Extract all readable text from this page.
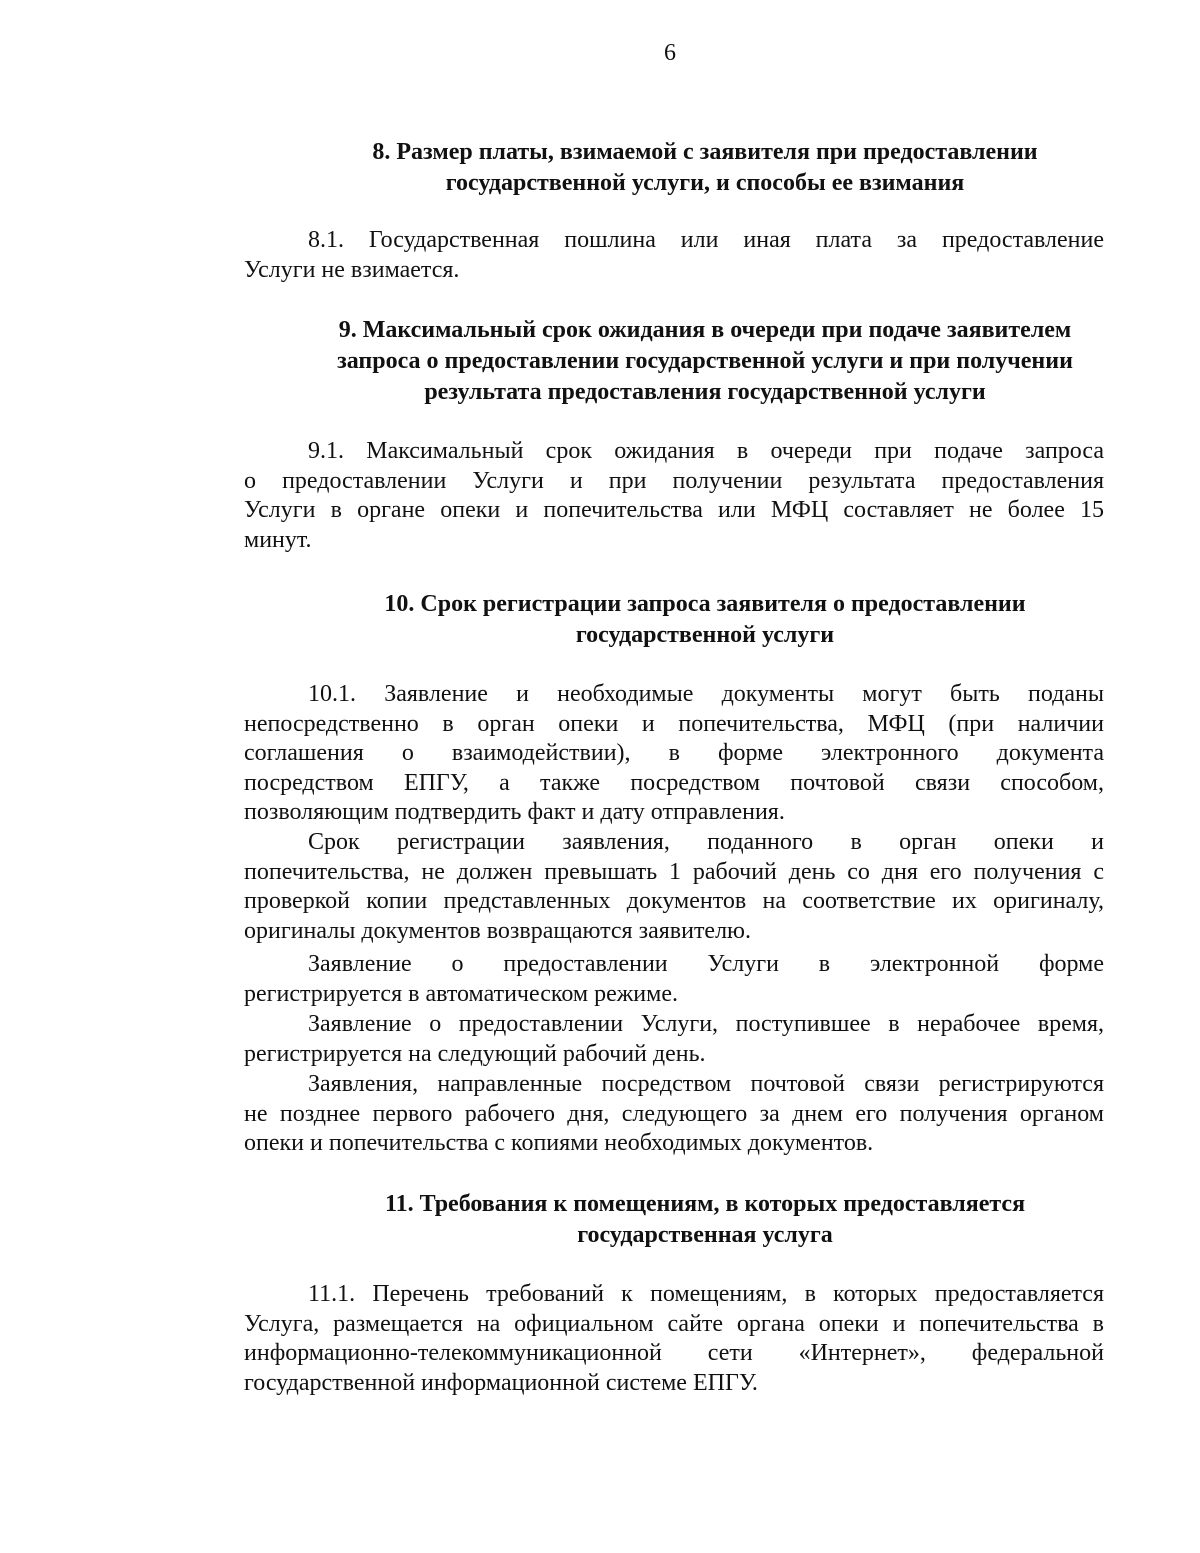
6
8. Размер платы, взимаемой с заявителя при предоставлении
государственной услуги, и способы ее взимания
8.1. Государственная пошлина или иная плата за предоставление
Услуги не взимается.
9. Максимальный срок ожидания в очереди при подаче заявителем
запроса о предоставлении государственной услуги и при получении
результата предоставления государственной услуги
9.1. Максимальный срок ожидания в очереди при подаче запроса
о предоставлении Услуги и при получении результата предоставления
Услуги в органе опеки и попечительства или МФЦ составляет не более 15
минут.
10. Срок регистрации запроса заявителя о предоставлении
государственной услуги
10.1. Заявление и необходимые документы могут быть поданы
непосредственно в орган опеки и попечительства, МФЦ (при наличии
соглашения о взаимодействии), в форме электронного документа
посредством ЕПГУ, а также посредством почтовой связи способом,
позволяющим подтвердить факт и дату отправления.
Срок регистрации заявления, поданного в орган опеки и
попечительства, не должен превышать 1 рабочий день со дня его получения с
проверкой копии представленных документов на соответствие их оригиналу,
оригиналы документов возвращаются заявителю.
Заявление о предоставлении Услуги в электронной форме
регистрируется в автоматическом режиме.
Заявление о предоставлении Услуги, поступившее в нерабочее время,
регистрируется на следующий рабочий день.
Заявления, направленные посредством почтовой связи регистрируются
не позднее первого рабочего дня, следующего за днем его получения органом
опеки и попечительства с копиями необходимых документов.
11. Требования к помещениям, в которых предоставляется
государственная услуга
11.1. Перечень требований к помещениям, в которых предоставляется
Услуга, размещается на официальном сайте органа опеки и попечительства в
информационно-телекоммуникационной сети «Интернет», федеральной
государственной информационной системе ЕПГУ.
